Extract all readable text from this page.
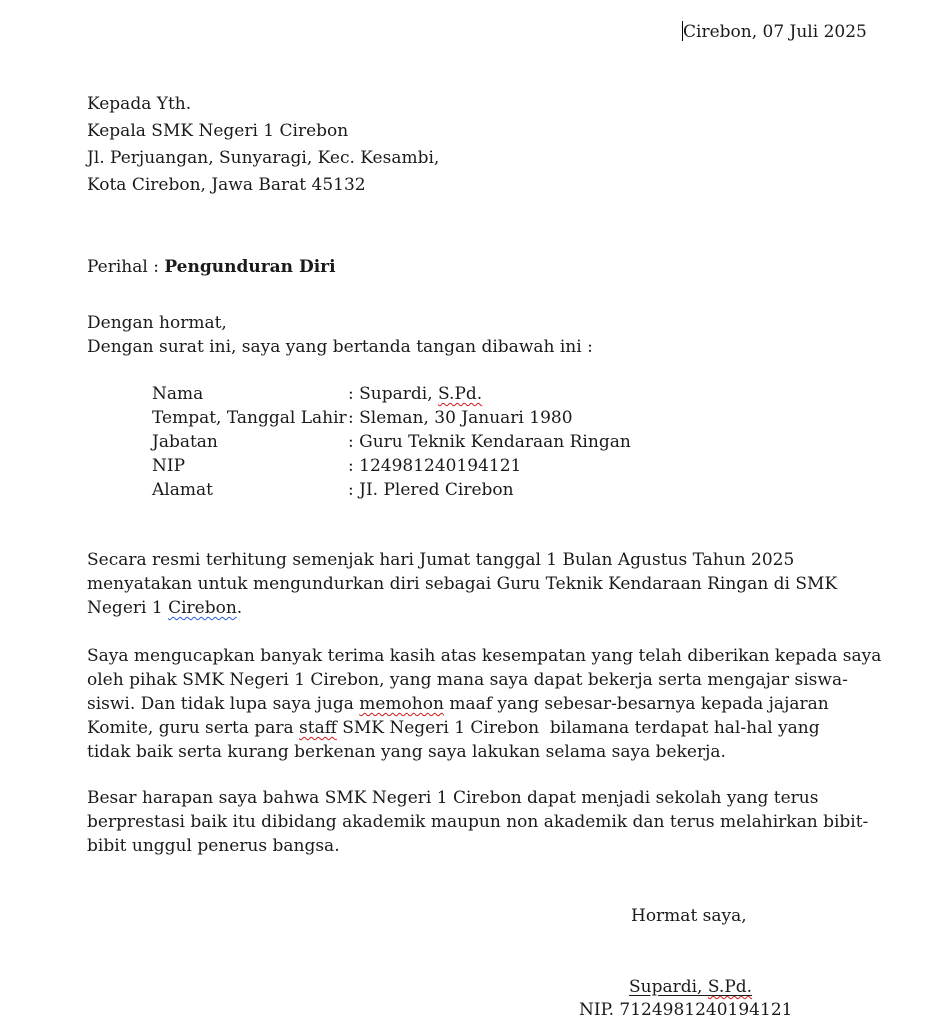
Cirebon, 07 Juli 2025
Kepada Yth.
Kepala SMK Negeri 1 Cirebon
Jl. Perjuangan, Sunyaragi, Kec. Kesambi,
Kota Cirebon, Jawa Barat 45132
Perihal : Pengunduran Diri
Dengan hormat,
Dengan surat ini, saya yang bertanda tangan dibawah ini :
Nama	: Supardi, S.Pd.
Tempat, Tanggal Lahir	: Sleman, 30 Januari 1980
Jabatan	: Guru Teknik Kendaraan Ringan
NIP	: 124981240194121
Alamat	: JI. Plered Cirebon
Secara resmi terhitung semenjak hari Jumat tanggal 1 Bulan Agustus Tahun 2025
menyatakan untuk mengundurkan diri sebagai Guru Teknik Kendaraan Ringan di SMK
Negeri 1 Cirebon.
Saya mengucapkan banyak terima kasih atas kesempatan yang telah diberikan kepada saya
oleh pihak SMK Negeri 1 Cirebon, yang mana saya dapat bekerja serta mengajar siswa-
siswi. Dan tidak lupa saya juga memohon maaf yang sebesar-besarnya kepada jajaran
Komite, guru serta para staff SMK Negeri 1 Cirebon  bilamana terdapat hal-hal yang
tidak baik serta kurang berkenan yang saya lakukan selama saya bekerja.
Besar harapan saya bahwa SMK Negeri 1 Cirebon dapat menjadi sekolah yang terus
berprestasi baik itu dibidang akademik maupun non akademik dan terus melahirkan bibit-
bibit unggul penerus bangsa.
Hormat saya,
Supardi, S.Pd.
NIP. 7124981240194121
